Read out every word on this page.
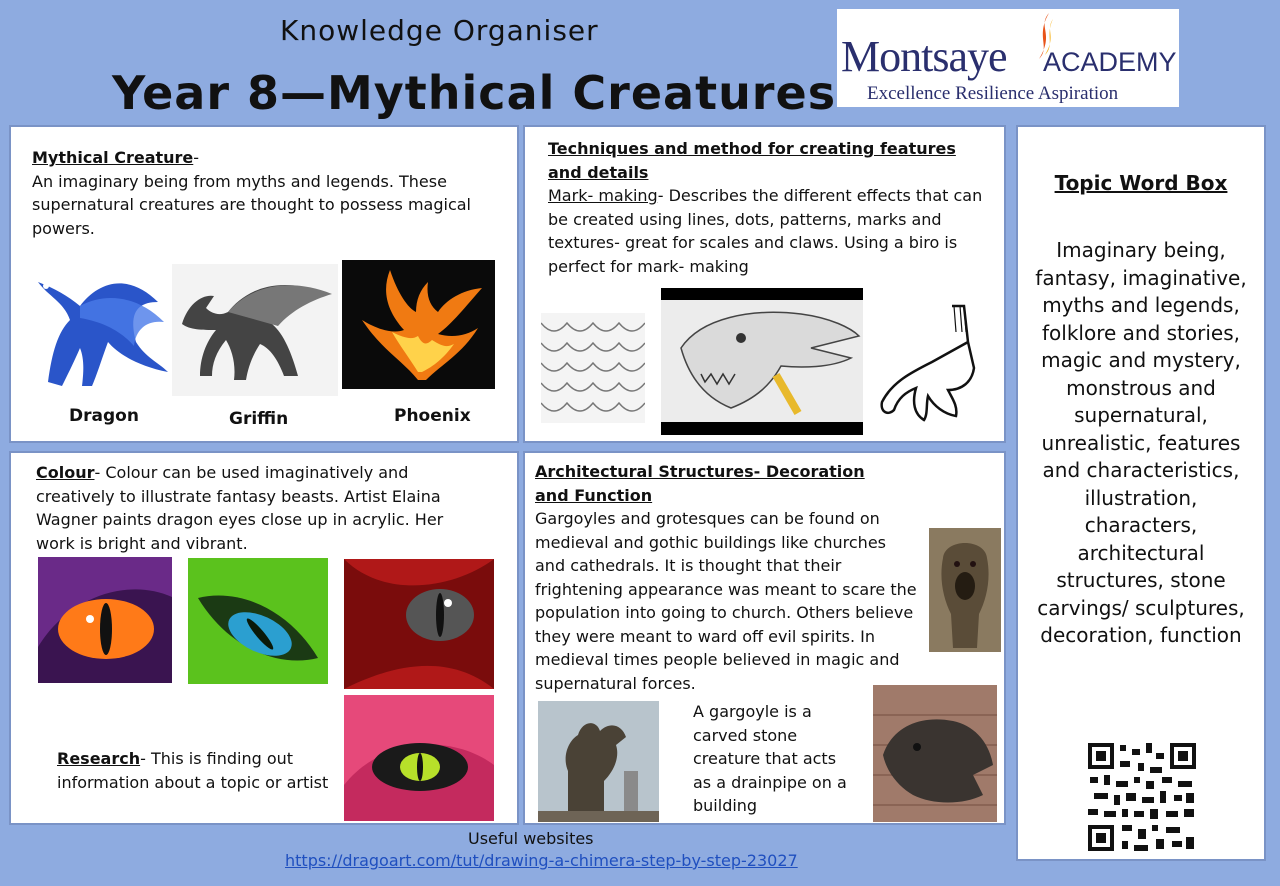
Knowledge Organiser
Year 8—Mythical Creatures
Montsaye ACADEMY
Excellence Resilience Aspiration
Mythical Creature-
An imaginary being from myths and legends. These supernatural creatures are thought to possess magical powers.
Dragon	Griffin	Phoenix
Techniques and method for creating features and details
Mark- making- Describes the different effects that can be created using lines, dots, patterns, marks and textures- great for scales and claws. Using a biro is perfect for mark- making
Topic Word Box
Imaginary being, fantasy, imaginative, myths and legends, folklore and stories, magic and mystery, monstrous and supernatural, unrealistic, features and characteristics, illustration, characters, architectural structures, stone carvings/ sculptures, decoration, function
Colour- Colour can be used imaginatively and creatively to illustrate fantasy beasts. Artist Elaina Wagner paints dragon eyes close up in acrylic. Her work is bright and vibrant.
Research- This is finding out information about a topic or artist
Architectural Structures- Decoration and Function
Gargoyles and grotesques can be found on medieval and gothic buildings like churches and cathedrals. It is thought that their frightening appearance was meant to scare the population into going to church. Others believe they were meant to ward off evil spirits. In medieval times people believed in magic and supernatural forces.
A gargoyle is a carved stone creature that acts as a drainpipe on a building
Useful websites
https://dragoart.com/tut/drawing-a-chimera-step-by-step-23027
